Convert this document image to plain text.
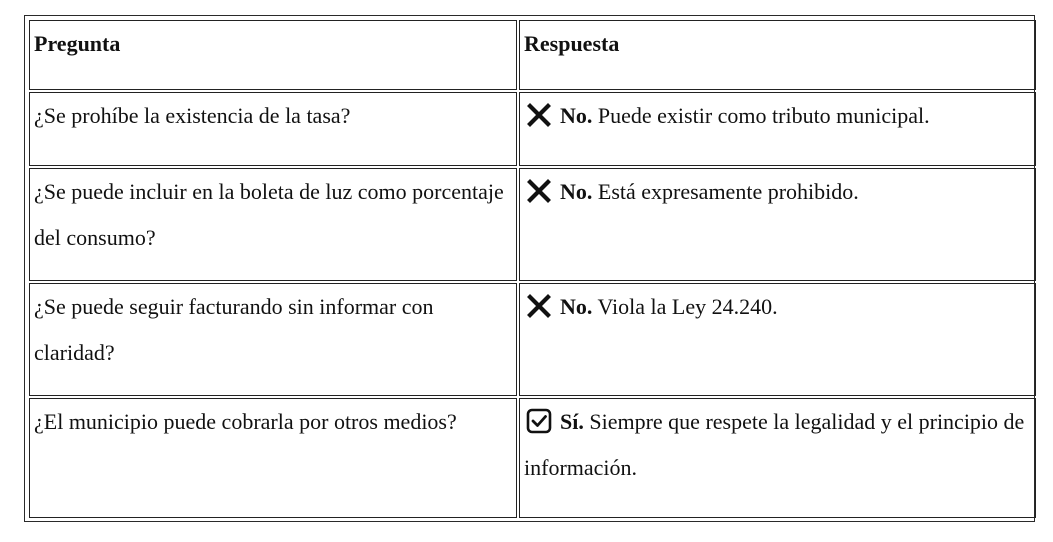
Pregunta	Respuesta
¿Se prohíbe la existencia de la tasa?	No. Puede existir como tributo municipal.
¿Se puede incluir en la boleta de luz como porcentaje del consumo?	No. Está expresamente prohibido.
¿Se puede seguir facturando sin informar con claridad?	No. Viola la Ley 24.240.
¿El municipio puede cobrarla por otros medios?	Sí. Siempre que respete la legalidad y el principio de información.
